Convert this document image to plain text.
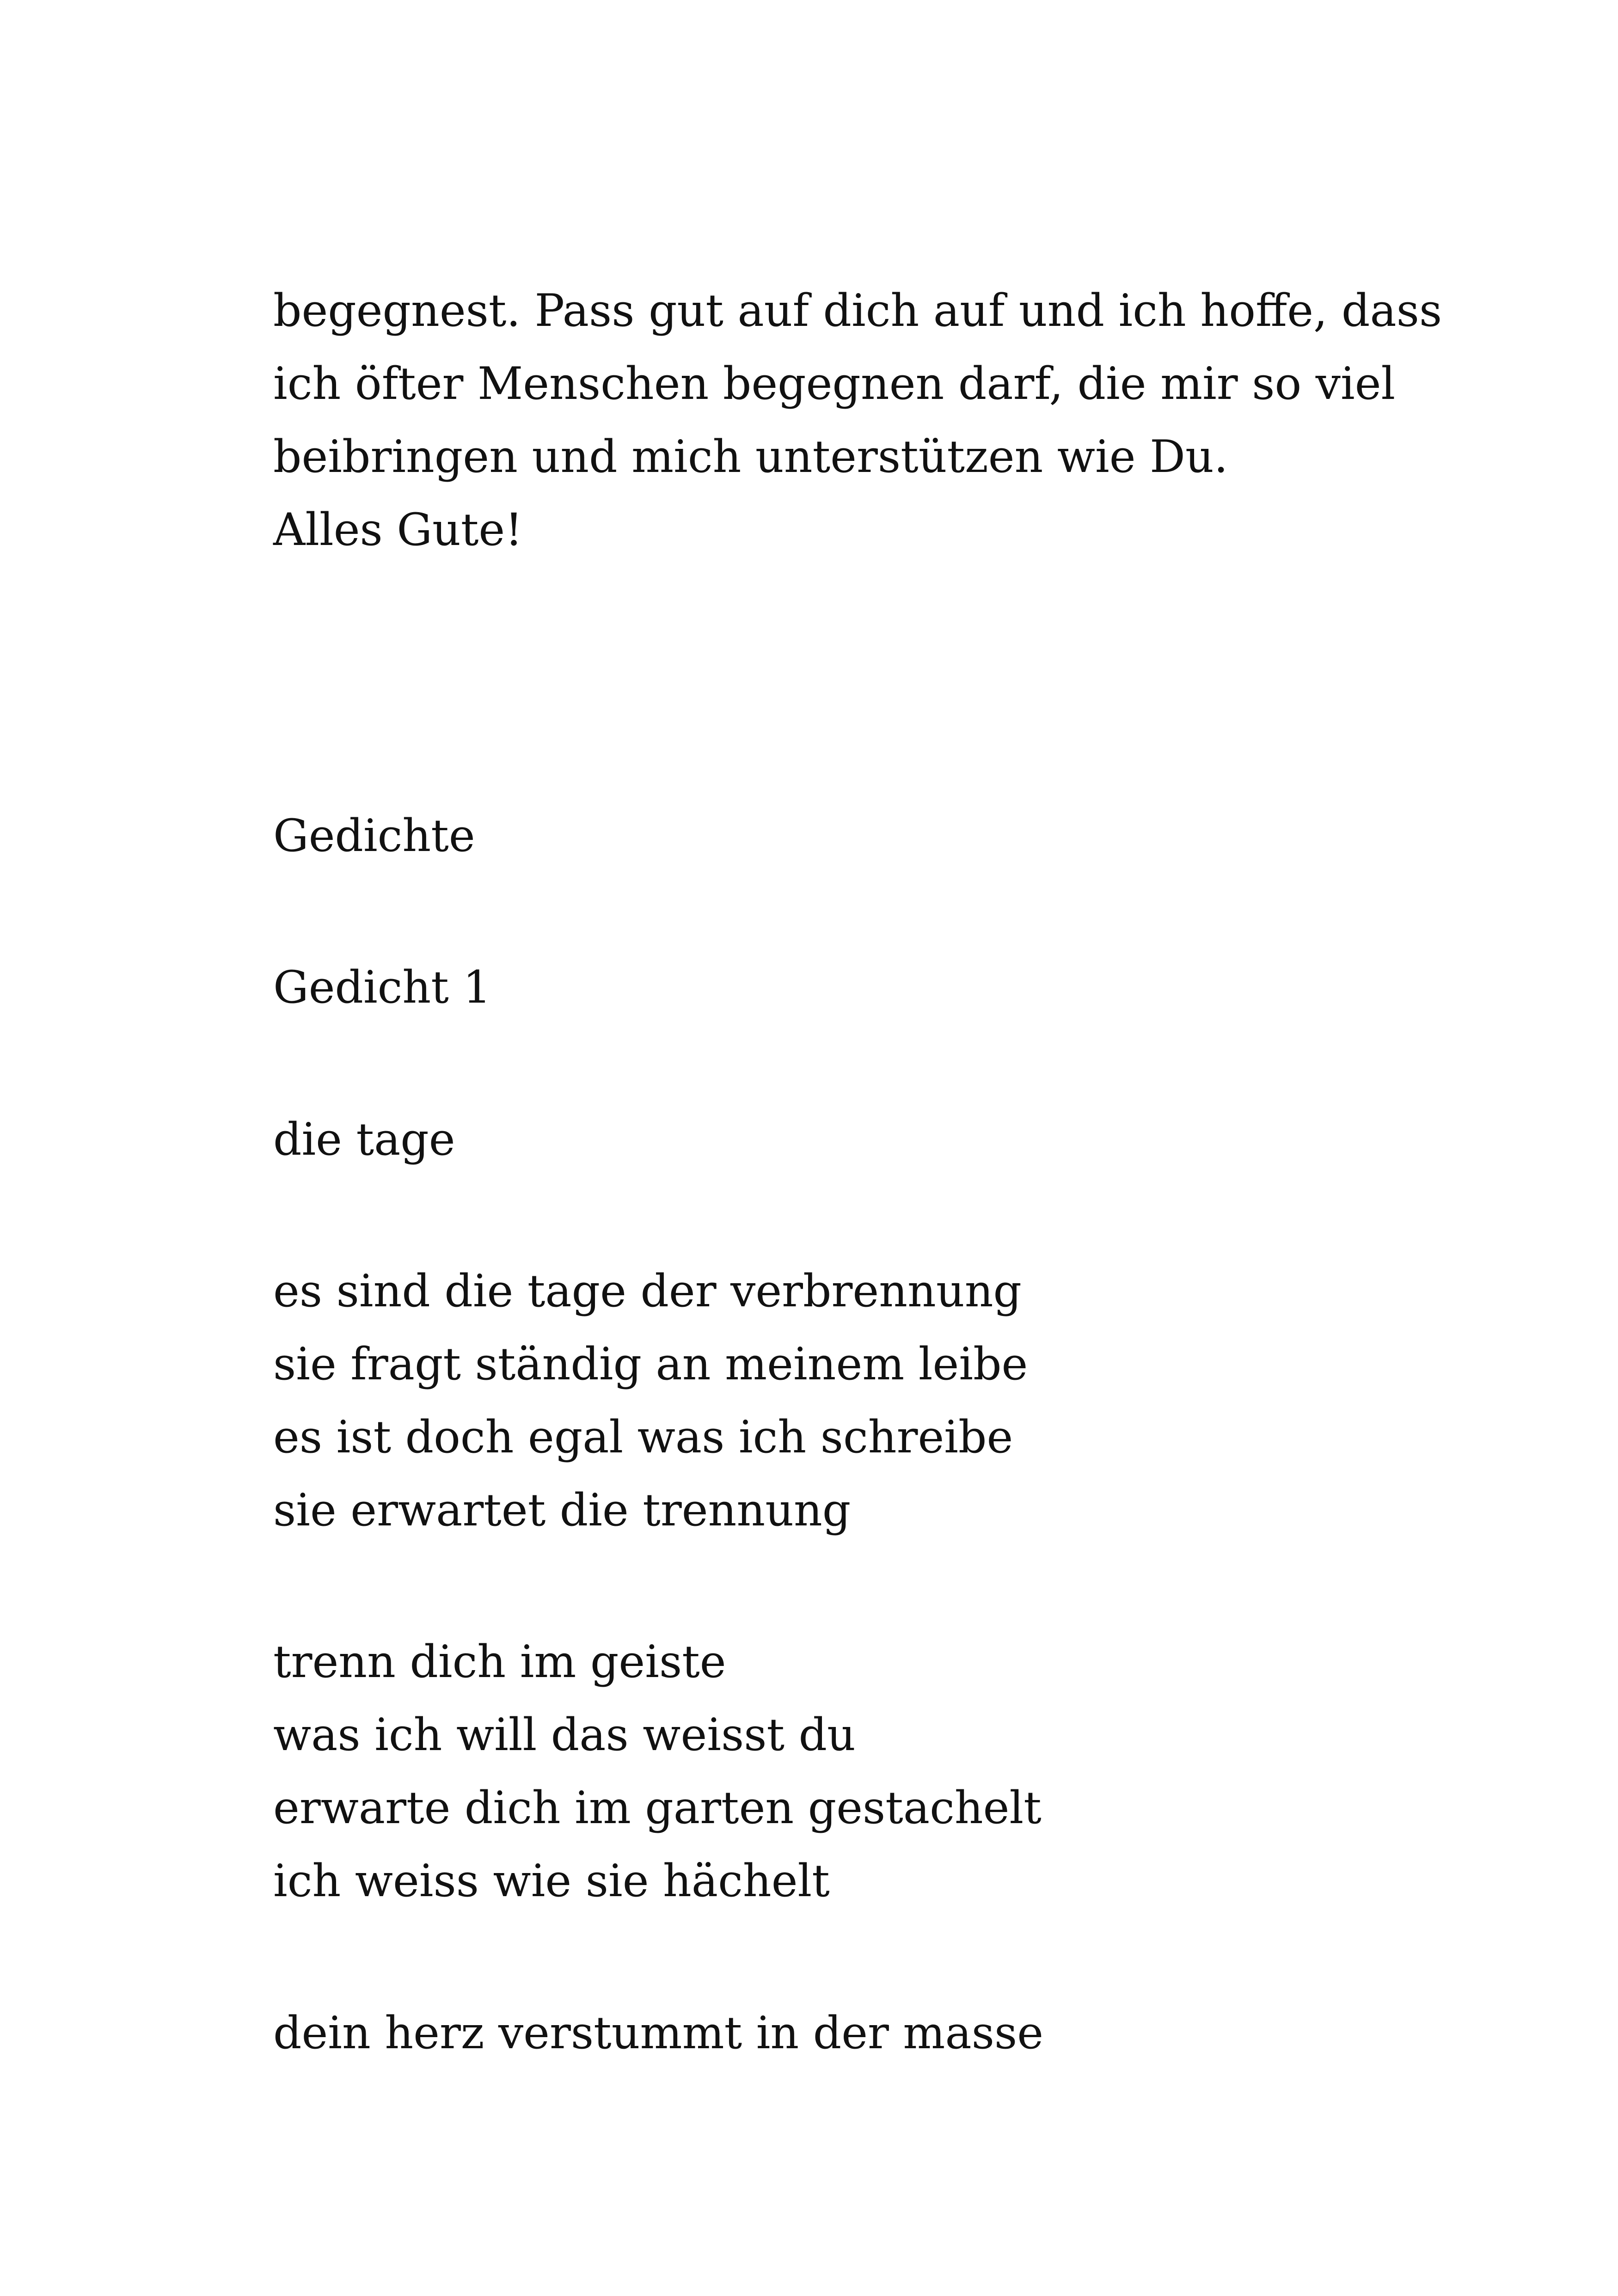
begegnest. Pass gut auf dich auf und ich hoffe, dass

ich öfter Menschen begegnen darf, die mir so viel

beibringen und mich unterstützen wie Du.

Alles Gute!

Gedichte
Gedicht 1
die tage

es sind die tage der verbrennung

sie fragt ständig an meinem leibe

es ist doch egal was ich schreibe

sie erwartet die trennung

trenn dich im geiste

was ich will das weisst du

erwarte dich im garten gestachelt

ich weiss wie sie hächelt

dein herz verstummt in der masse
